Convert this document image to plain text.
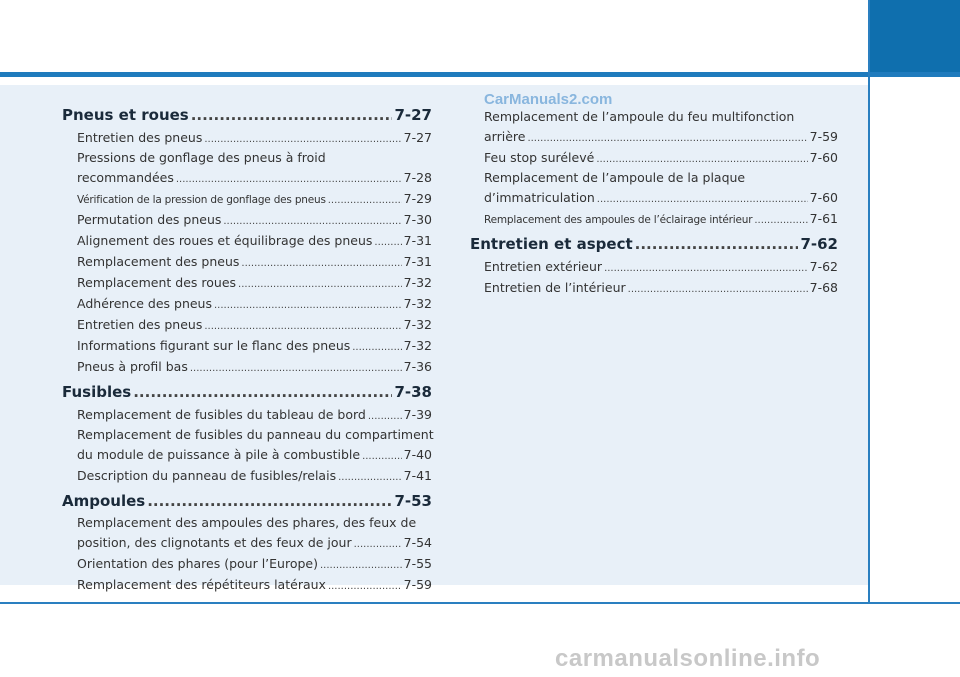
CarManuals2.com
Pneus et roues .....	7-27
Entretien des pneus .....	7-27
Pressions de gonflage des pneus à froid
recommandées .....	7-28
Vérification de la pression de gonflage des pneus .....	7-29
Permutation des pneus .....	7-30
Alignement des roues et équilibrage des pneus ..... 7-31
Remplacement des pneus .....	7-31
Remplacement des roues .....	7-32
Adhérence des pneus .....	7-32
Entretien des pneus .....	7-32
Informations figurant sur le flanc des pneus .....	7-32
Pneus à profil bas .....	7-36
Fusibles .....	7-38
Remplacement de fusibles du tableau de bord .....	7-39
Remplacement de fusibles du panneau du compartiment
du module de puissance à pile à combustible .....	7-40
Description du panneau de fusibles/relais .....	7-41
Ampoules .....	7-53
Remplacement des ampoules des phares, des feux de
position, des clignotants et des feux de jour .....	7-54
Orientation des phares (pour l’Europe) .....	7-55
Remplacement des répétiteurs latéraux .....	7-59
Remplacement de l’ampoule du feu multifonction
arrière .....	7-59
Feu stop surélevé .....	7-60
Remplacement de l’ampoule de la plaque
d’immatriculation .....	7-60
Remplacement des ampoules de l’éclairage intérieur .....	7-61
Entretien et aspect .....	7-62
Entretien extérieur .....	7-62
Entretien de l’intérieur .....	7-68
carmanualsonline.info
